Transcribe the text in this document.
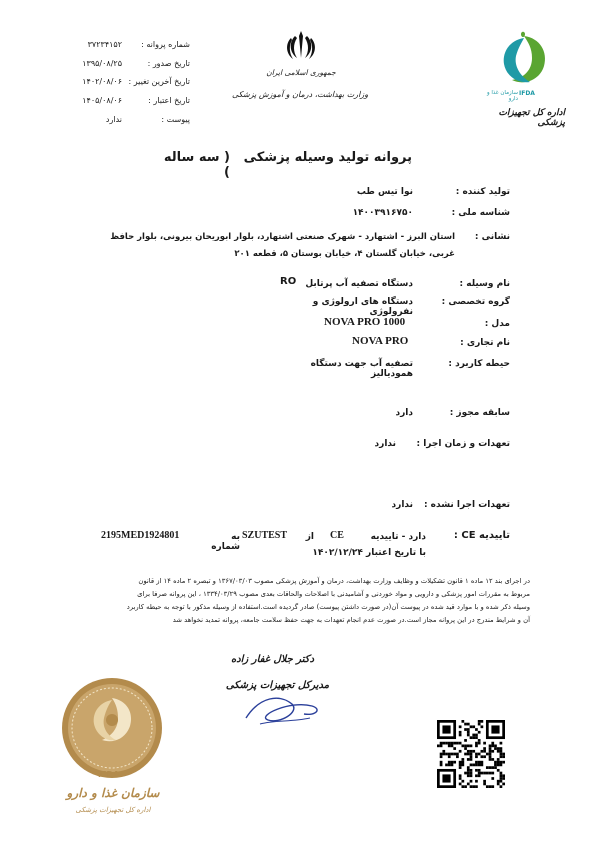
شماره پروانه :
۳۷۲۳۴۱۵۲
تاریخ صدور :
۱۳۹۵/۰۸/۲۵
تاریخ آخرین تغییر :
۱۴۰۲/۰۸/۰۶
تاریخ اعتبار :
۱۴۰۵/۰۸/۰۶
پیوست :
ندارد
جمهوری اسلامی ایران
وزارت بهداشت، درمان و آموزش پزشکی	IFDA
سازمان غذا و دارو
اداره کل تجهیزات پزشکی
پروانه تولید وسیله پزشکی
( سه ساله )
تولید کننده :
شناسه ملی :
نشانی :
نام وسیله :
گروه تخصصی :
مدل :
نام تجاری :
حیطه کاربرد :
سابقه مجوز :
تعهدات و زمان اجرا :
تعهدات اجرا نشده :
تاییدیه CE :
نوا تیس طب
۱۴۰۰۳۹۱۶۷۵۰
استان البرز - اشتهارد - شهرک صنعتی اشتهارد، بلوار ابوریحان بیرونی، بلوار حافظ
غربی، خیابان گلستان ۴، خیابان بوستان ۵، قطعه ۲۰۱
دستگاه تصفیه آب پرتابل
RO
دستگاه های ارولوژی و نفرولوژی
NOVA PRO 1000
NOVA PRO
تصفیه آب جهت دستگاه همودیالیز
دارد
ندارد
ندارد
دارد - تاییدیه
CE
از
SZUTEST
به شماره
2195MED1924801
با تاریخ اعتبار ۱۴۰۲/۱۲/۲۴
در اجرای بند ۱۲ ماده ۱ قانون تشکیلات و وظایف وزارت بهداشت، درمان و آموزش پزشکی مصوب ۱۳۶۷/۰۳/۰۳ و تبصره ۲ ماده ۱۴ از قانون
مربوط به مقررات امور پزشکی و دارویی و مواد خوردنی و آشامیدنی با اصلاحات والحاقات بعدی مصوب ۱۳۳۴/۰۳/۲۹ ، این پروانه صرفا برای
وسیله ذکر شده و با موارد قید شده در پیوست آن(در صورت داشتن پیوست) صادر گردیده است.استفاده از وسیله مذکور با توجه به حیطه کاربرد
آن و شرایط مندرج در این پروانه مجاز است.در صورت عدم انجام تعهدات به جهت حفظ سلامت جامعه، پروانه تمدید نخواهد شد
دکتر جلال غفار زاده
مدیرکل تجهیزات پزشکی
IFDA
سازمان غذا و دارو
اداره کل تجهیزات پزشکی
